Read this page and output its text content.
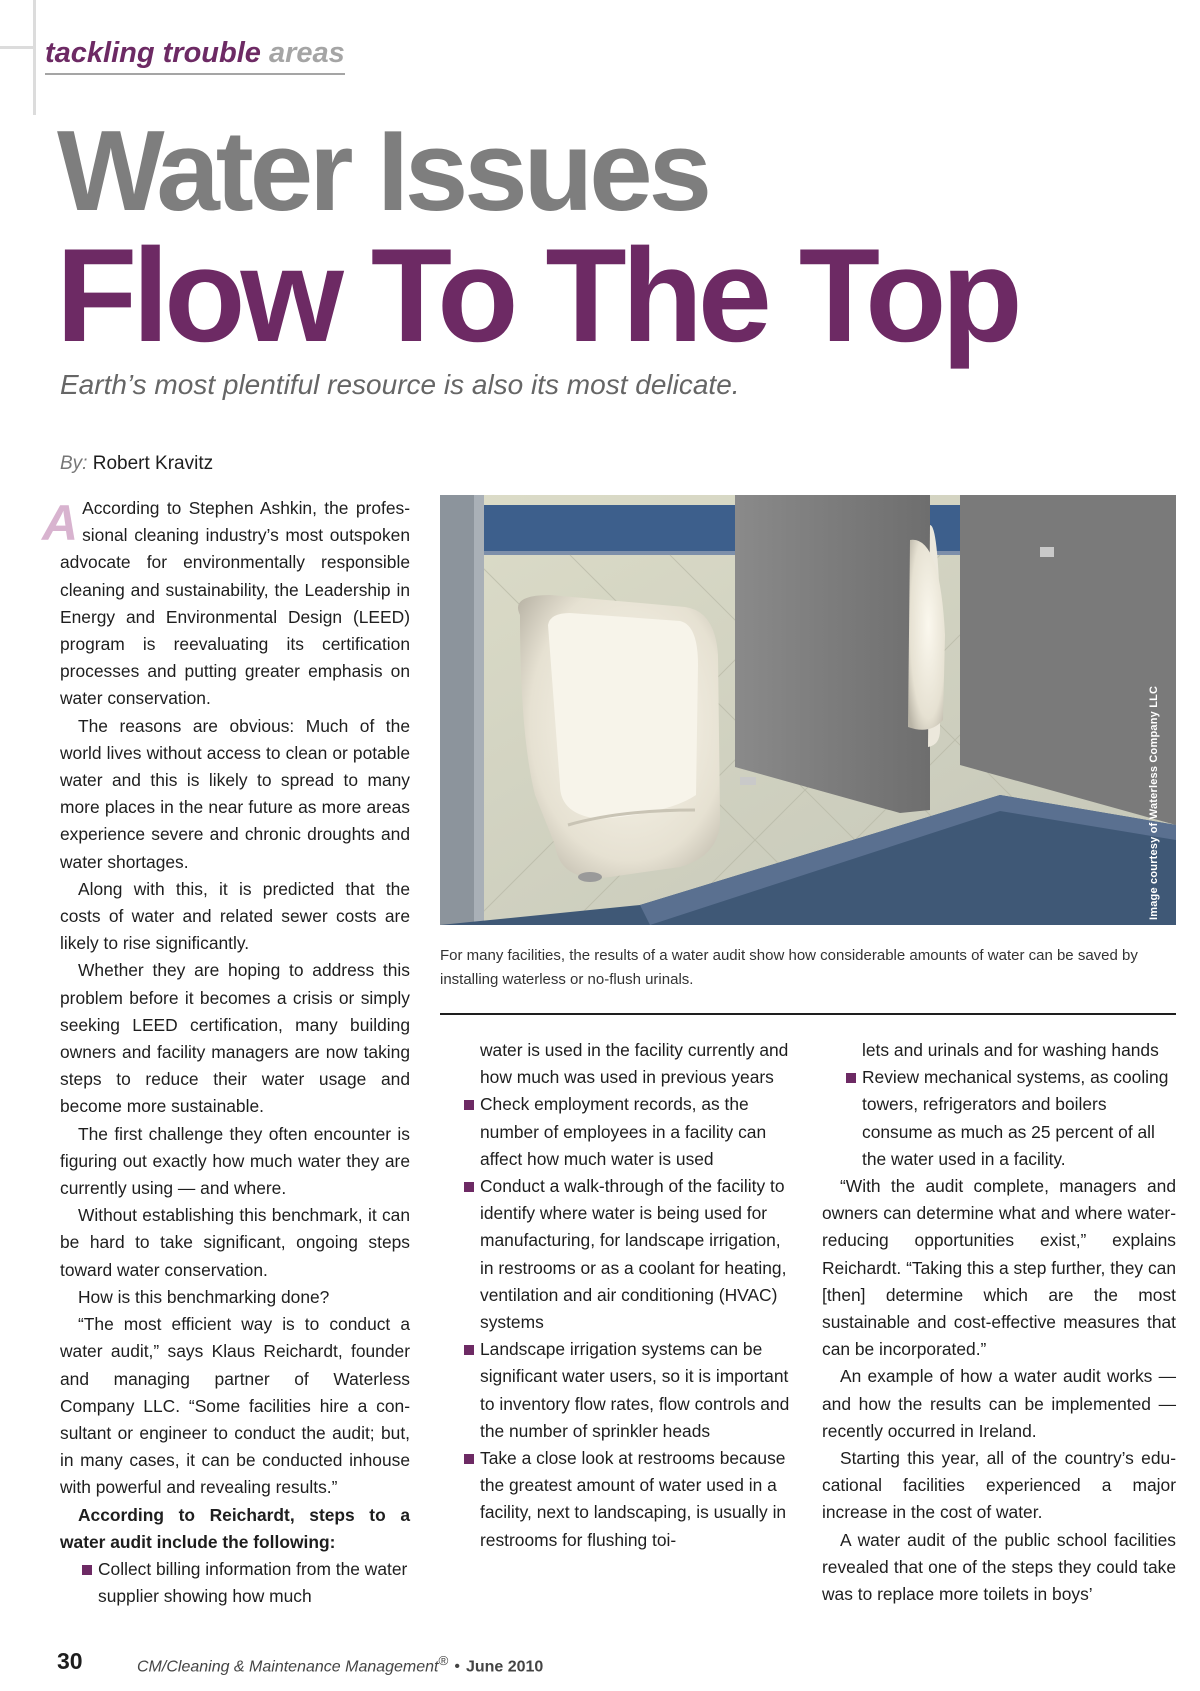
tackling trouble areas
Water Issues
Flow To The Top

Earth’s most plentiful resource is also its most delicate.

By: Robert Kravitz

A According to Stephen Ashkin, the professional cleaning industry’s most outspoken advocate for environmentally responsible cleaning and sustainability, the Leadership in Energy and Environmental Design (LEED) program is reevaluating its certification processes and putting greater emphasis on water conservation.

The reasons are obvious: Much of the world lives without access to clean or potable water and this is likely to spread to many more places in the near future as more areas experience severe and chronic droughts and water shortages.

Along with this, it is predicted that the costs of water and related sewer costs are likely to rise significantly.

Whether they are hoping to address this problem before it becomes a crisis or simply seeking LEED certification, many building owners and facility managers are now taking steps to reduce their water usage and become more sustainable.

The first challenge they often encounter is figuring out exactly how much water they are currently using — and where.

Without establishing this benchmark, it can be hard to take significant, ongoing steps toward water conservation.

How is this benchmarking done?

“The most efficient way is to conduct a water audit,” says Klaus Reichardt, founder and managing partner of Waterless Company LLC. “Some facilities hire a consultant or engineer to conduct the audit; but, in many cases, it can be conducted inhouse with powerful and revealing results.”

According to Reichardt, steps to a water audit include the following:

Collect billing information from the water supplier showing how much
Image courtesy of Waterless Company LLC

For many facilities, the results of a water audit show how considerable amounts of water can be saved by installing waterless or no-flush urinals.

water is used in the facility currently and how much was used in previous years
Check employment records, as the number of employees in a facility can affect how much water is used
Conduct a walk-through of the facility to identify where water is being used for manufacturing, for landscape irrigation, in restrooms or as a coolant for heating, ventilation and air conditioning (HVAC) systems
Landscape irrigation systems can be significant water users, so it is important to inventory flow rates, flow controls and the number of sprinkler heads
Take a close look at restrooms because the greatest amount of water used in a facility, next to landscaping, is usually in restrooms for flushing toi-
lets and urinals and for washing hands
Review mechanical systems, as cooling towers, refrigerators and boilers consume as much as 25 percent of all the water used in a facility.

“With the audit complete, managers and owners can determine what and where water-reducing opportunities exist,” explains Reichardt. “Taking this a step further, they can [then] determine which are the most sustainable and cost-effective measures that can be incorporated.”

An example of how a water audit works — and how the results can be implemented — recently occurred in Ireland.

Starting this year, all of the country’s educational facilities experienced a major increase in the cost of water.

A water audit of the public school facilities revealed that one of the steps they could take was to replace more toilets in boys’

30	CM/Cleaning & Maintenance Management® • June 2010
